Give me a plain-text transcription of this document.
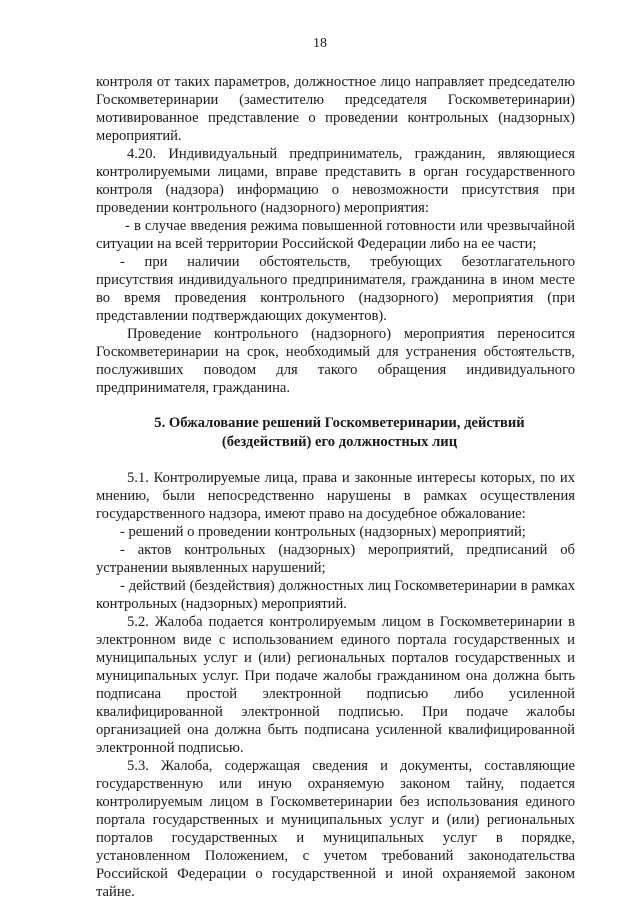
18

контроля от таких параметров, должностное лицо направляет председателю Госкомветеринарии (заместителю председателя Госкомветеринарии) мотивированное представление о проведении контрольных (надзорных) мероприятий.

4.20. Индивидуальный предприниматель, гражданин, являющиеся контролируемыми лицами, вправе представить в орган государственного контроля (надзора) информацию о невозможности присутствия при проведении контрольного (надзорного) мероприятия:

- в случае введения режима повышенной готовности или чрезвычайной ситуации на всей территории Российской Федерации либо на ее части;

- при наличии обстоятельств, требующих безотлагательного присутствия индивидуального предпринимателя, гражданина в ином месте во время проведения контрольного (надзорного) мероприятия (при представлении подтверждающих документов).

Проведение контрольного (надзорного) мероприятия переносится Госкомветеринарии на срок, необходимый для устранения обстоятельств, послуживших поводом для такого обращения индивидуального предпринимателя, гражданина.

5. Обжалование решений Госкомветеринарии, действий
(бездействий) его должностных лиц

5.1. Контролируемые лица, права и законные интересы которых, по их мнению, были непосредственно нарушены в рамках осуществления государственного надзора, имеют право на досудебное обжалование:

- решений о проведении контрольных (надзорных) мероприятий;

- актов контрольных (надзорных) мероприятий, предписаний об устранении выявленных нарушений;

- действий (бездействия) должностных лиц Госкомветеринарии в рамках контрольных (надзорных) мероприятий.

5.2. Жалоба подается контролируемым лицом в Госкомветеринарии в электронном виде с использованием единого портала государственных и муниципальных услуг и (или) региональных порталов государственных и муниципальных услуг. При подаче жалобы гражданином она должна быть подписана простой электронной подписью либо усиленной квалифицированной электронной подписью. При подаче жалобы организацией она должна быть подписана усиленной квалифицированной электронной подписью.

5.3. Жалоба, содержащая сведения и документы, составляющие государственную или иную охраняемую законом тайну, подается контролируемым лицом в Госкомветеринарии без использования единого портала государственных и муниципальных услуг и (или) региональных порталов государственных и муниципальных услуг в порядке, установленном Положением, с учетом требований законодательства Российской Федерации о государственной и иной охраняемой законом тайне.
